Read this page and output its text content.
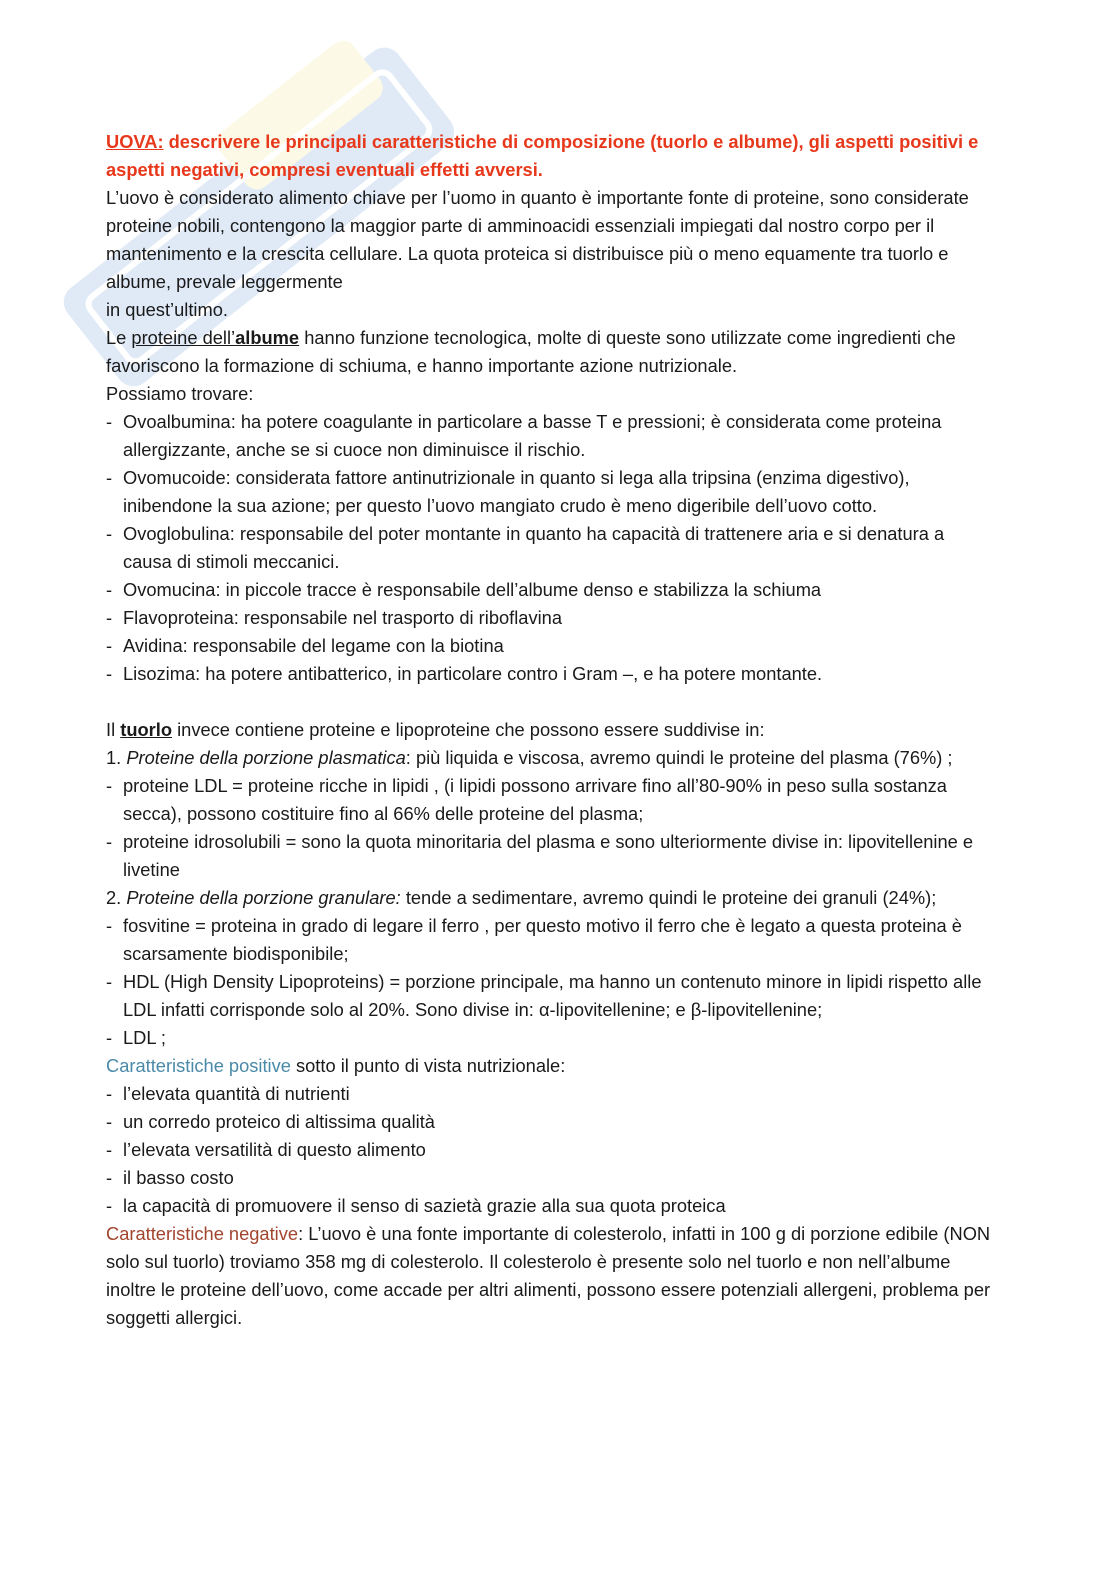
UOVA: descrivere le principali caratteristiche di composizione (tuorlo e albume), gli aspetti positivi e aspetti negativi, compresi eventuali effetti avversi.

L’uovo è considerato alimento chiave per l’uomo in quanto è importante fonte di proteine, sono considerate proteine nobili, contengono la maggior parte di amminoacidi essenziali impiegati dal nostro corpo per il mantenimento e la crescita cellulare. La quota proteica si distribuisce più o meno equamente tra tuorlo e albume, prevale leggermente

in quest’ultimo.

Le proteine dell’albume hanno funzione tecnologica, molte di queste sono utilizzate come ingredienti che favoriscono la formazione di schiuma, e hanno importante azione nutrizionale.

Possiamo trovare:

- Ovoalbumina: ha potere coagulante in particolare a basse T e pressioni; è considerata come proteina allergizzante, anche se si cuoce non diminuisce il rischio.
- Ovomucoide: considerata fattore antinutrizionale in quanto si lega alla tripsina (enzima digestivo), inibendone la sua azione; per questo l’uovo mangiato crudo è meno digeribile dell’uovo cotto.
- Ovoglobulina: responsabile del poter montante in quanto ha capacità di trattenere aria e si denatura a causa di stimoli meccanici.
- Ovomucina: in piccole tracce è responsabile dell’albume denso e stabilizza la schiuma
- Flavoproteina: responsabile nel trasporto di riboflavina
- Avidina: responsabile del legame con la biotina
- Lisozima: ha potere antibatterico, in particolare contro i Gram –, e ha potere montante.

Il tuorlo invece contiene proteine e lipoproteine che possono essere suddivise in:

1. Proteine della porzione plasmatica: più liquida e viscosa, avremo quindi le proteine del plasma (76%) ;

- proteine LDL = proteine ricche in lipidi , (i lipidi possono arrivare fino all’80-90% in peso sulla sostanza secca), possono costituire fino al 66% delle proteine del plasma;
- proteine idrosolubili = sono la quota minoritaria del plasma e sono ulteriormente divise in: lipovitellenine e livetine

2. Proteine della porzione granulare: tende a sedimentare, avremo quindi le proteine dei granuli (24%);

- fosvitine = proteina in grado di legare il ferro , per questo motivo il ferro che è legato a questa proteina è scarsamente biodisponibile;
- HDL (High Density Lipoproteins) = porzione principale, ma hanno un contenuto minore in lipidi rispetto alle LDL infatti corrisponde solo al 20%. Sono divise in: α-lipovitellenine; e β-lipovitellenine;
- LDL ;

Caratteristiche positive sotto il punto di vista nutrizionale:

- l’elevata quantità di nutrienti
- un corredo proteico di altissima qualità
- l’elevata versatilità di questo alimento
- il basso costo
- la capacità di promuovere il senso di sazietà grazie alla sua quota proteica

Caratteristiche negative: L’uovo è una fonte importante di colesterolo, infatti in 100 g di porzione edibile (NON solo sul tuorlo) troviamo 358 mg di colesterolo. Il colesterolo è presente solo nel tuorlo e non nell’albume inoltre le proteine dell’uovo, come accade per altri alimenti, possono essere potenziali allergeni, problema per soggetti allergici.
